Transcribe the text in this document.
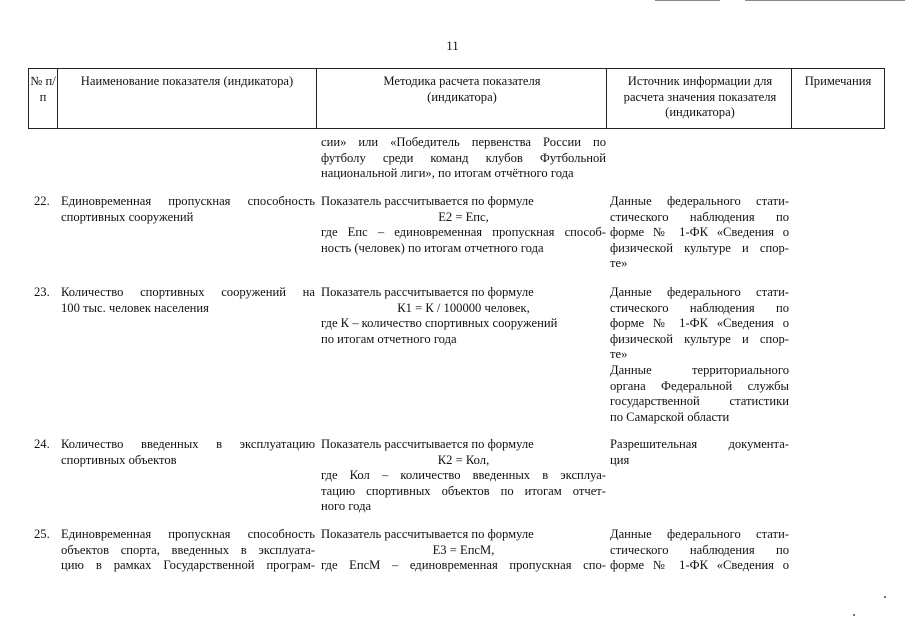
11
№ п/п
Наименование показателя (индикатора)	Методика расчета показателя (индикатора)
Источник информации для расчета значения показателя (индикатора)
Примечания
сии» или «Победитель первенства России по
футболу среди команд клубов Футбольной
национальной лиги», по итогам отчётного года
22. Единовременная пропускная способность
спортивных сооружений
Показатель рассчитывается по формуле
Е2 = Епс,
где Епс – единовременная пропускная способ-
ность (человек) по итогам отчетного года
Данные федерального стати-
стического наблюдения по
форме № 1-ФК «Сведения о
физической культуре и спор-
те»
23. Количество спортивных сооружений на
100 тыс. человек населения
Показатель рассчитывается по формуле
К1 = К / 100000 человек,
где К – количество спортивных сооружений
по итогам отчетного года
Данные федерального стати-
стического наблюдения по
форме № 1-ФК «Сведения о
физической культуре и спор-
те»
Данные территориального
органа Федеральной службы
государственной статистики
по Самарской области
24. Количество введенных в эксплуатацию
спортивных объектов
Показатель рассчитывается по формуле
К2 = Кол,
где Кол – количество введенных в эксплуа-
тацию спортивных объектов по итогам отчет-
ного года
Разрешительная документа-
ция
25. Единовременная пропускная способность
объектов спорта, введенных в эксплуата-
цию в рамках Государственной програм-
Показатель рассчитывается по формуле
Е3 = ЕпсМ,
где ЕпсМ – единовременная пропускная спо-
Данные федерального стати-
стического наблюдения по
форме № 1-ФК «Сведения о
